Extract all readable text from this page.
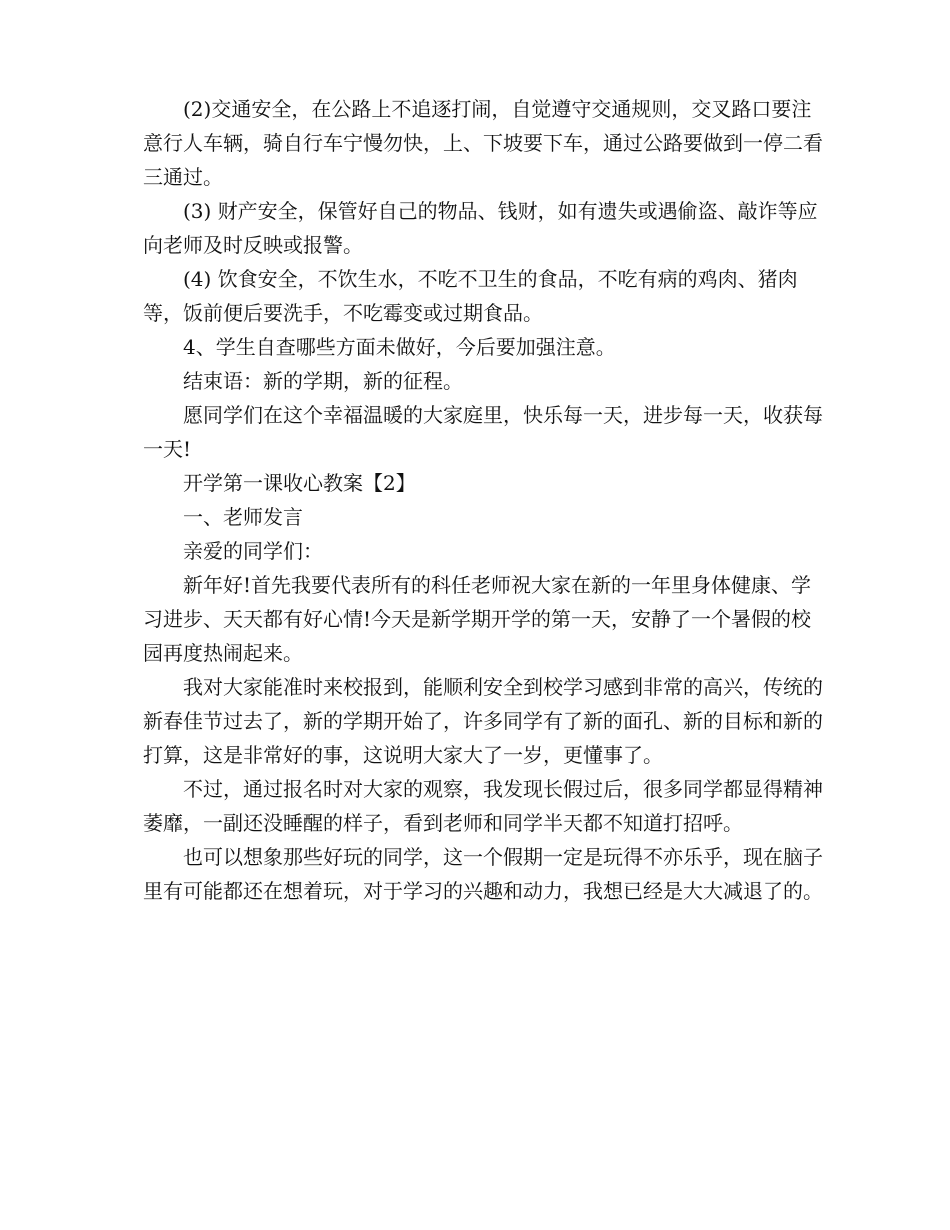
(2)交通安全，在公路上不追逐打闹，自觉遵守交通规则，交叉路口要注意行人车辆，骑自行车宁慢勿快，上、下坡要下车，通过公路要做到一停二看三通过。

(3) 财产安全，保管好自己的物品、钱财，如有遗失或遇偷盗、敲诈等应向老师及时反映或报警。

(4) 饮食安全，不饮生水，不吃不卫生的食品，不吃有病的鸡肉、猪肉等，饭前便后要洗手，不吃霉变或过期食品。

4、学生自查哪些方面未做好，今后要加强注意。

结束语：新的学期，新的征程。

愿同学们在这个幸福温暖的大家庭里，快乐每一天，进步每一天，收获每一天!

开学第一课收心教案【2】

一、老师发言

亲爱的同学们：

新年好!首先我要代表所有的科任老师祝大家在新的一年里身体健康、学习进步、天天都有好心情!今天是新学期开学的第一天，安静了一个暑假的校园再度热闹起来。

我对大家能准时来校报到，能顺利安全到校学习感到非常的高兴，传统的新春佳节过去了，新的学期开始了，许多同学有了新的面孔、新的目标和新的打算，这是非常好的事，这说明大家大了一岁，更懂事了。

不过，通过报名时对大家的观察，我发现长假过后，很多同学都显得精神萎靡，一副还没睡醒的样子，看到老师和同学半天都不知道打招呼。

也可以想象那些好玩的同学，这一个假期一定是玩得不亦乐乎，现在脑子里有可能都还在想着玩，对于学习的兴趣和动力，我想已经是大大减退了的。
